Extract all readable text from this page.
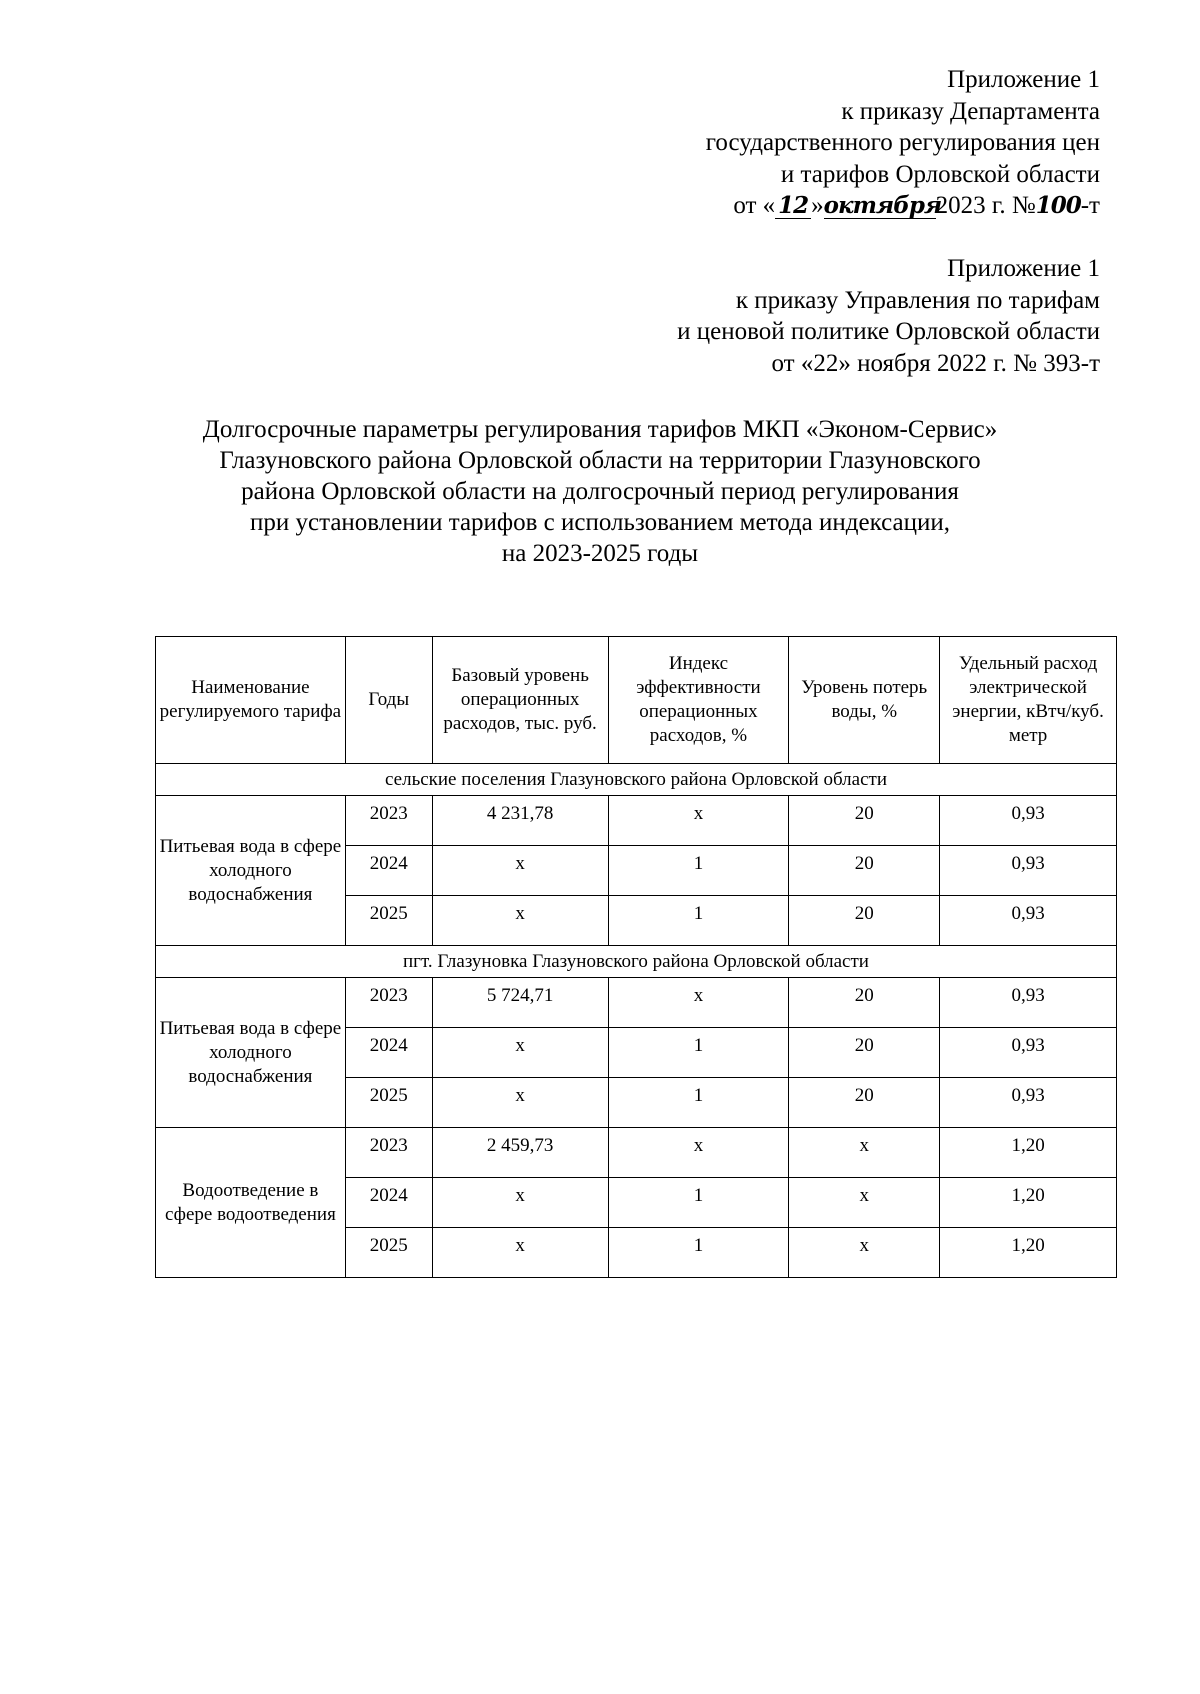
Приложение 1
к приказу Департамента
государственного регулирования цен
и тарифов Орловской области
от « 12 »октября2023 г. №100-т
Приложение 1
к приказу Управления по тарифам
и ценовой политике Орловской области
от «22» ноября 2022 г. № 393-т
Долгосрочные параметры регулирования тарифов МКП «Эконом-Сервис»
Глазуновского района Орловской области на территории Глазуновского
района Орловской области на долгосрочный период регулирования
при установлении тарифов с использованием метода индексации,
на 2023-2025 годы
Наименование регулируемого тарифа	Годы	Базовый уровень операционных расходов, тыс. руб.	Индекс эффективности операционных расходов, %	Уровень потерь воды, %	Удельный расход электрической энергии, кВтч/куб. метр
сельские поселения Глазуновского района Орловской области					
Питьевая вода в сфере холодного водоснабжения	2023	4 231,78	х	20	0,93
	2024	х	1	20	0,93
	2025	х	1	20	0,93
пгт. Глазуновка Глазуновского района Орловской области					
Питьевая вода в сфере холодного водоснабжения	2023	5 724,71	х	20	0,93
	2024	х	1	20	0,93
	2025	х	1	20	0,93
Водоотведение в сфере водоотведения	2023	2 459,73	х	х	1,20
	2024	х	1	х	1,20
	2025	х	1	х	1,20
